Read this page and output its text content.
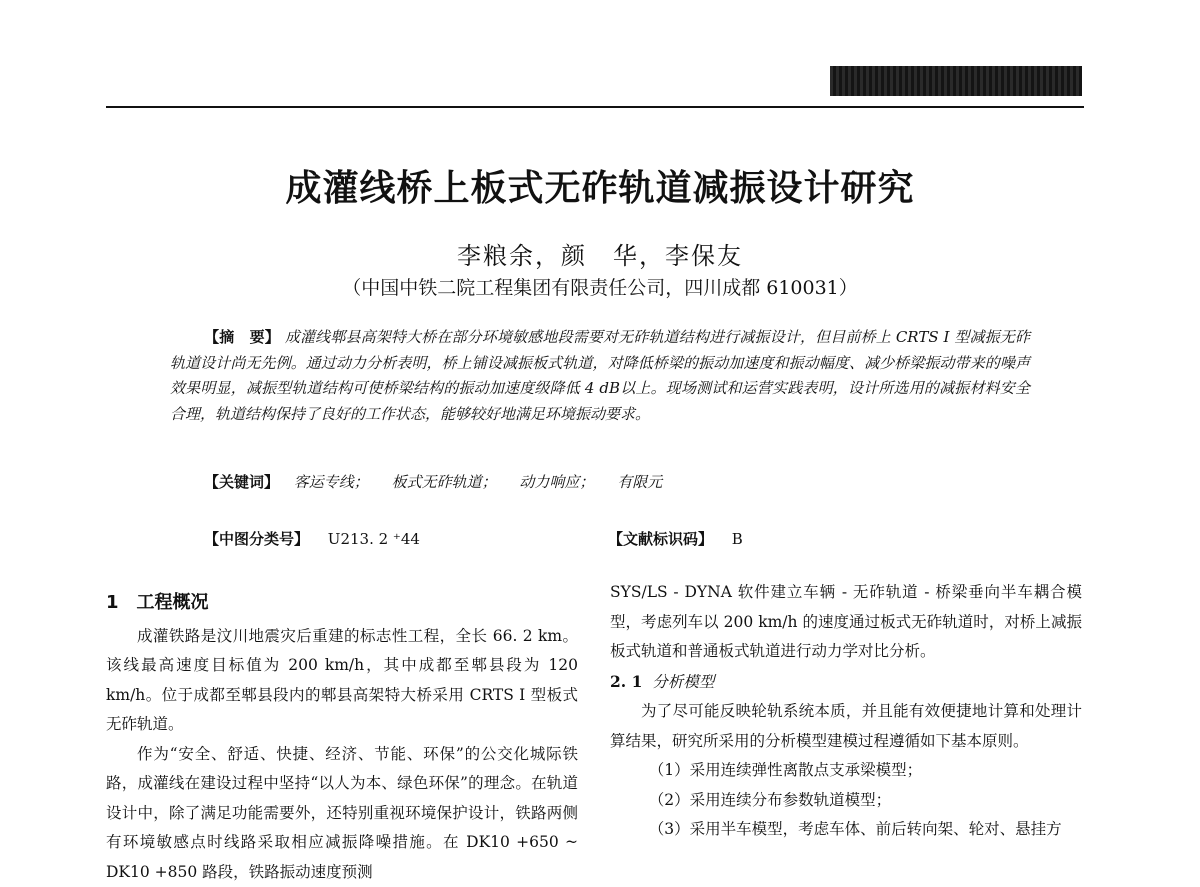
成灌线桥上板式无砟轨道减振设计研究
李粮余，颜　华，李保友
（中国中铁二院工程集团有限责任公司，四川成都 610031）
【摘　要】 成灌线郫县高架特大桥在部分环境敏感地段需要对无砟轨道结构进行减振设计，但目前桥上 CRTS I 型减振无砟轨道设计尚无先例。通过动力分析表明，桥上铺设减振板式轨道，对降低桥梁的振动加速度和振动幅度、减少桥梁振动带来的噪声效果明显，减振型轨道结构可使桥梁结构的振动加速度级降低 4 dB以上。现场测试和运营实践表明，设计所选用的减振材料安全合理，轨道结构保持了良好的工作状态，能够较好地满足环境振动要求。
【关键词】 客运专线； 板式无砟轨道； 动力响应； 有限元
【中图分类号】 U213. 2 ⁺44	【文献标识码】 B
1 工程概况

成灌铁路是汶川地震灾后重建的标志性工程，全长 66. 2 km。该线最高速度目标值为 200 km/h，其中成都至郫县段为 120 km/h。位于成都至郫县段内的郫县高架特大桥采用 CRTS I 型板式无砟轨道。

作为“安全、舒适、快捷、经济、节能、环保”的公交化城际铁路，成灌线在建设过程中坚持“以人为本、绿色环保”的理念。在轨道设计中，除了满足功能需要外，还特别重视环境保护设计，铁路两侧有环境敏感点时线路采取相应减振降噪措施。在 DK10 +650 ~ DK10 +850 路段，铁路振动速度预测

SYS/LS - DYNA 软件建立车辆 - 无砟轨道 - 桥梁垂向半车耦合模型，考虑列车以 200 km/h 的速度通过板式无砟轨道时，对桥上减振板式轨道和普通板式轨道进行动力学对比分析。

2. 1 分析模型

为了尽可能反映轮轨系统本质，并且能有效便捷地计算和处理计算结果，研究所采用的分析模型建模过程遵循如下基本原则。

（1）采用连续弹性离散点支承梁模型；

（2）采用连续分布参数轨道模型；

（3）采用半车模型，考虑车体、前后转向架、轮对、悬挂方
